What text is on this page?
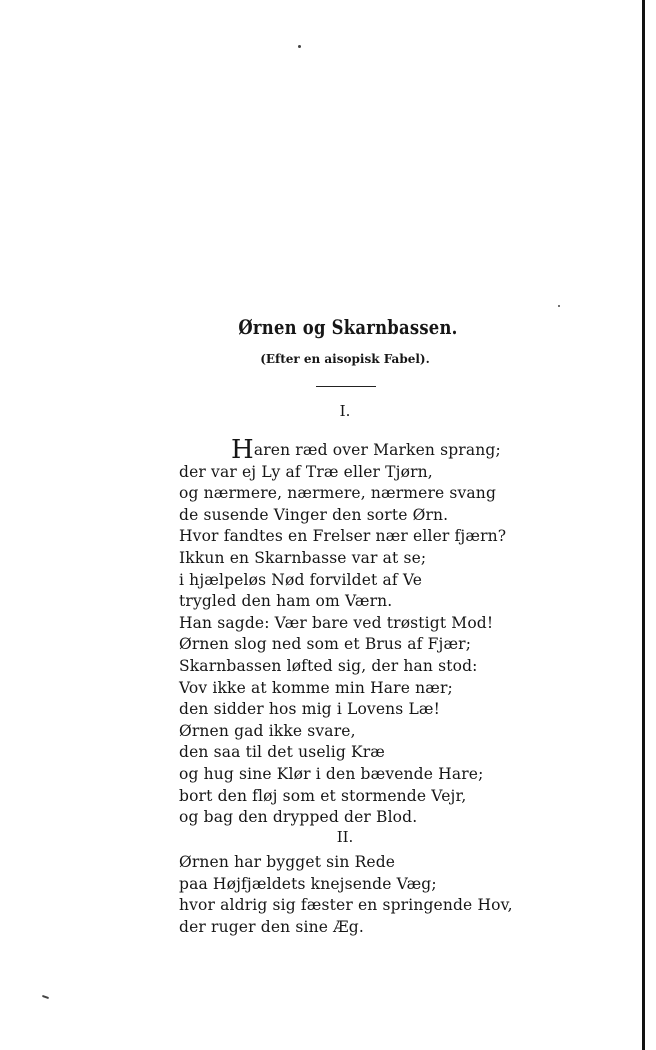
Ørnen og Skarnbassen.
(Efter en aisopisk Fabel).
I.
Haren ræd over Marken sprang;
der var ej Ly af Træ eller Tjørn,
og nærmere, nærmere, nærmere svang
de susende Vinger den sorte Ørn.
Hvor fandtes en Frelser nær eller fjærn?
Ikkun en Skarnbasse var at se;
i hjælpeløs Nød forvildet af Ve
trygled den ham om Værn.
Han sagde: Vær bare ved trøstigt Mod!
Ørnen slog ned som et Brus af Fjær;
Skarnbassen løfted sig, der han stod:
Vov ikke at komme min Hare nær;
den sidder hos mig i Lovens Læ!
Ørnen gad ikke svare,
den saa til det uselig Kræ
og hug sine Klør i den bævende Hare;
bort den fløj som et stormende Vejr,
og bag den drypped der Blod.
II.
Ørnen har bygget sin Rede
paa Højfjældets knejsende Væg;
hvor aldrig sig fæster en springende Hov,
der ruger den sine Æg.
